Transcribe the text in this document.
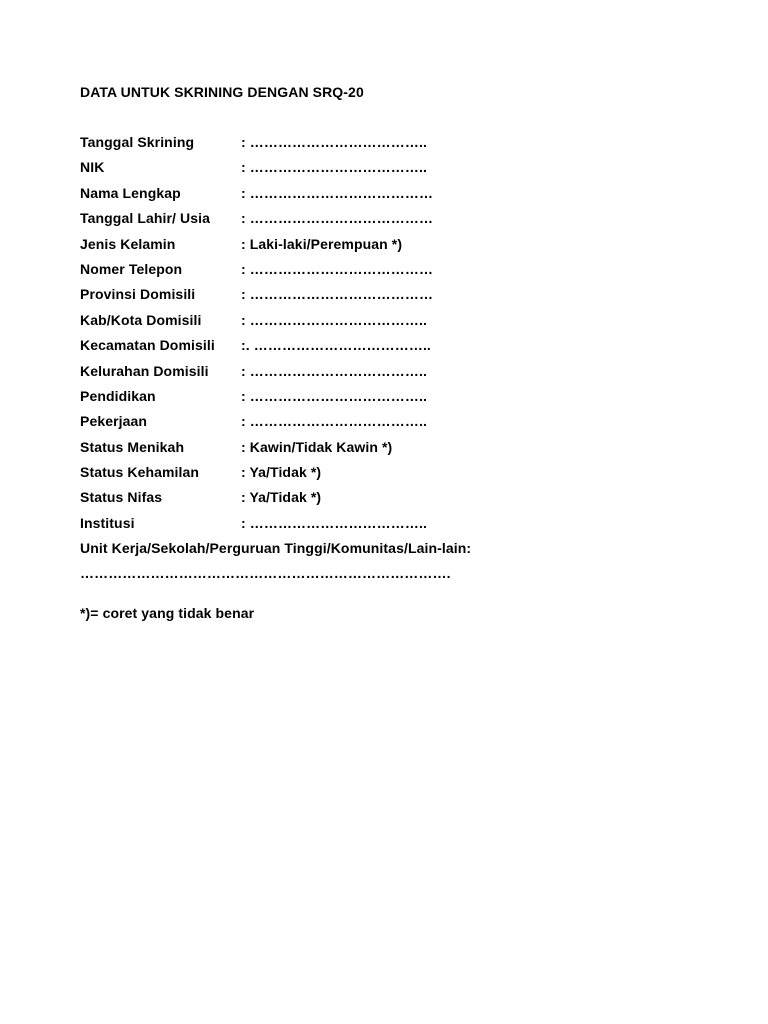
DATA UNTUK SKRINING DENGAN SRQ-20
Tanggal Skrining	: ………………………………..
NIK	: ………………………………..
Nama Lengkap	: …………………………………
Tanggal Lahir/ Usia	: …………………………………
Jenis Kelamin	: Laki-laki/Perempuan *)
Nomer Telepon	: …………………………………
Provinsi Domisili	: …………………………………
Kab/Kota Domisili	: ………………………………..
Kecamatan Domisili	:. ………………………………..
Kelurahan Domisili	: ………………………………..
Pendidikan	: ………………………………..
Pekerjaan	: ………………………………..
Status Menikah	: Kawin/Tidak Kawin *)
Status Kehamilan	: Ya/Tidak *)
Status Nifas	: Ya/Tidak *)
Institusi	: ………………………………..
Unit Kerja/Sekolah/Perguruan Tinggi/Komunitas/Lain-lain:
…………………………………………………………………….
*)= coret yang tidak benar
